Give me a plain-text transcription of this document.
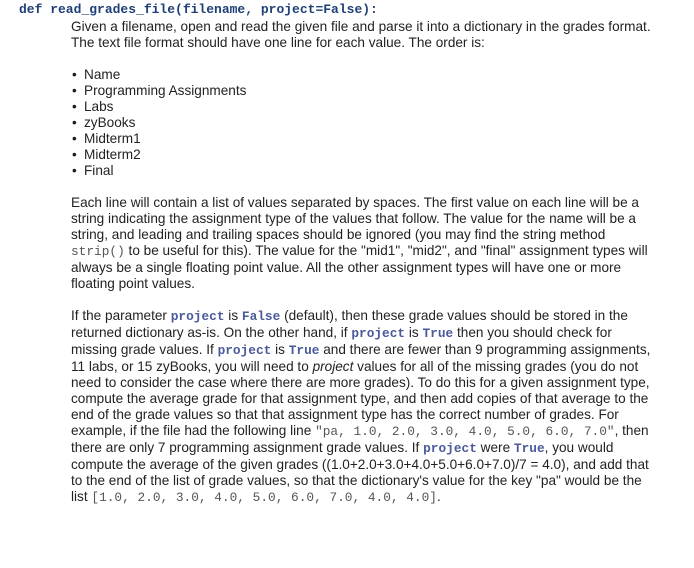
def read_grades_file(filename, project=False):

Given a filename, open and read the given file and parse it into a dictionary in the grades format. The text file format should have one line for each value. The order is:

• Name
• Programming Assignments
• Labs
• zyBooks
• Midterm1
• Midterm2
• Final

Each line will contain a list of values separated by spaces. The first value on each line will be a string indicating the assignment type of the values that follow. The value for the name will be a string, and leading and trailing spaces should be ignored (you may find the string method strip() to be useful for this). The value for the "mid1", "mid2", and "final" assignment types will always be a single floating point value. All the other assignment types will have one or more floating point values.

If the parameter project is False (default), then these grade values should be stored in the returned dictionary as-is. On the other hand, if project is True then you should check for missing grade values. If project is True and there are fewer than 9 programming assignments, 11 labs, or 15 zyBooks, you will need to project values for all of the missing grades (you do not need to consider the case where there are more grades). To do this for a given assignment type, compute the average grade for that assignment type, and then add copies of that average to the end of the grade values so that that assignment type has the correct number of grades. For example, if the file had the following line "pa, 1.0, 2.0, 3.0, 4.0, 5.0, 6.0, 7.0", then there are only 7 programming assignment grade values. If project were True, you would compute the average of the given grades ((1.0+2.0+3.0+4.0+5.0+6.0+7.0)/7 = 4.0), and add that to the end of the list of grade values, so that the dictionary's value for the key "pa" would be the list [1.0, 2.0, 3.0, 4.0, 5.0, 6.0, 7.0, 4.0, 4.0].
